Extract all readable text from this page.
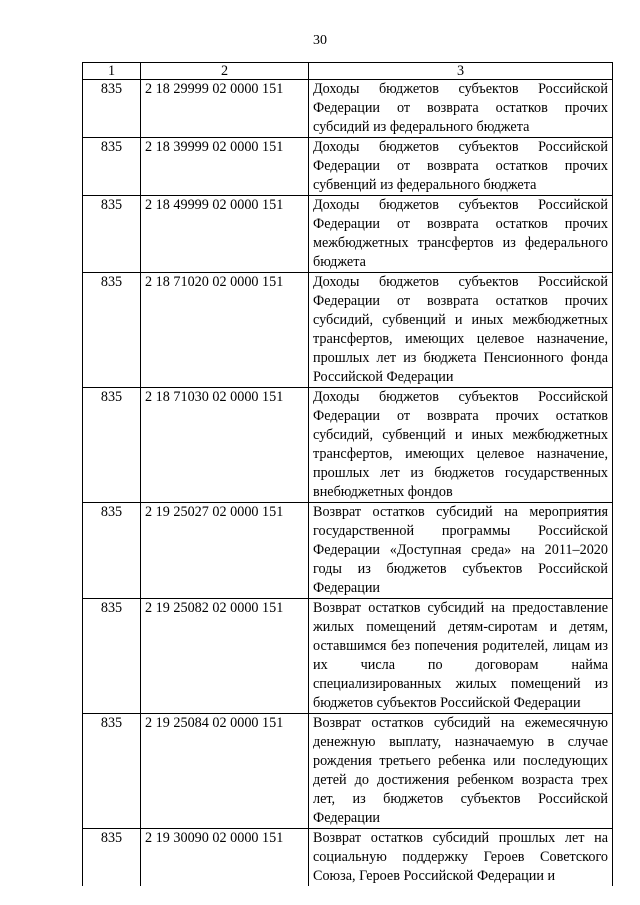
30
1	2	3
835	2 18 29999 02 0000 151	Доходы бюджетов субъектов Российской Федерации от возврата остатков прочих субсидий из федерального бюджета
835	2 18 39999 02 0000 151	Доходы бюджетов субъектов Российской Федерации от возврата остатков прочих субвенций из федерального бюджета
835	2 18 49999 02 0000 151	Доходы бюджетов субъектов Российской Федерации от возврата остатков прочих межбюджетных трансфертов из федерального бюджета
835	2 18 71020 02 0000 151	Доходы бюджетов субъектов Российской Федерации от возврата остатков прочих субсидий, субвенций и иных межбюджетных трансфертов, имеющих целевое назначение, прошлых лет из бюджета Пенсионного фонда Российской Федерации
835	2 18 71030 02 0000 151	Доходы бюджетов субъектов Российской Федерации от возврата прочих остатков субсидий, субвенций и иных межбюджетных трансфертов, имеющих целевое назначение, прошлых лет из бюджетов государственных внебюджетных фондов
835	2 19 25027 02 0000 151	Возврат остатков субсидий на мероприятия государственной программы Российской Федерации «Доступная среда» на 2011–2020 годы из бюджетов субъектов Российской Федерации
835	2 19 25082 02 0000 151	Возврат остатков субсидий на предоставление жилых помещений детям-сиротам и детям, оставшимся без попечения родителей, лицам из их числа по договорам найма специализированных жилых помещений из бюджетов субъектов Российской Федерации
835	2 19 25084 02 0000 151	Возврат остатков субсидий на ежемесячную денежную выплату, назначаемую в случае рождения третьего ребенка или последующих детей до достижения ребенком возраста трех лет, из бюджетов субъектов Российской Федерации
835	2 19 30090 02 0000 151	Возврат остатков субсидий прошлых лет на социальную поддержку Героев Советского Союза, Героев Российской Федерации и
